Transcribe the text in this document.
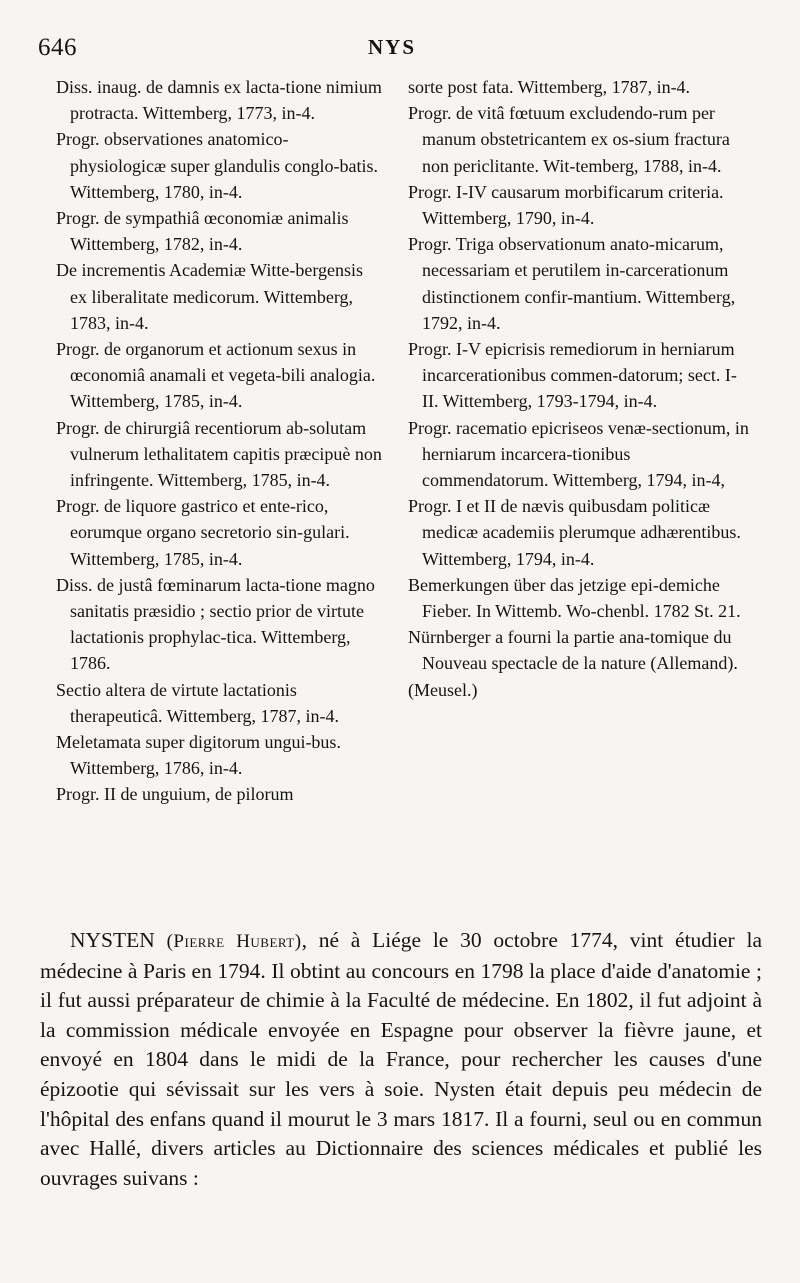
646	NYS

Diss. inaug. de damnis ex lacta-tione nimium protracta. Wittemberg, 1773, in-4.

Progr. observationes anatomico-physiologicæ super glandulis conglo-batis. Wittemberg, 1780, in-4.

Progr. de sympathiâ œconomiæ animalis Wittemberg, 1782, in-4.

De incrementis Academiæ Witte-bergensis ex liberalitate medicorum. Wittemberg, 1783, in-4.

Progr. de organorum et actionum sexus in œconomiâ anamali et vegeta-bili analogia. Wittemberg, 1785, in-4.

Progr. de chirurgiâ recentiorum ab-solutam vulnerum lethalitatem capitis præcipuè non infringente. Wittemberg, 1785, in-4.

Progr. de liquore gastrico et ente-rico, eorumque organo secretorio sin-gulari. Wittemberg, 1785, in-4.

Diss. de justâ fœminarum lacta-tione magno sanitatis præsidio ; sectio prior de virtute lactationis prophylac-tica. Wittemberg, 1786.

Sectio altera de virtute lactationis therapeuticâ. Wittemberg, 1787, in-4.

Meletamata super digitorum ungui-bus. Wittemberg, 1786, in-4.

Progr. II de unguium, de pilorum

sorte post fata. Wittemberg, 1787, in-4.

Progr. de vitâ fœtuum excludendo-rum per manum obstetricantem ex os-sium fractura non periclitante. Wit-temberg, 1788, in-4.

Progr. I-IV causarum morbificarum criteria. Wittemberg, 1790, in-4.

Progr. Triga observationum anato-micarum, necessariam et perutilem in-carcerationum distinctionem confir-mantium. Wittemberg, 1792, in-4.

Progr. I-V epicrisis remediorum in herniarum incarcerationibus commen-datorum; sect. I-II. Wittemberg, 1793-1794, in-4.

Progr. racematio epicriseos venæ-sectionum, in herniarum incarcera-tionibus commendatorum. Wittemberg, 1794, in-4,

Progr. I et II de nævis quibusdam politicæ medicæ academiis plerumque adhærentibus. Wittemberg, 1794, in-4.

Bemerkungen über das jetzige epi-demiche Fieber. In Wittemb. Wo-chenbl. 1782 St. 21.

Nürnberger a fourni la partie ana-tomique du Nouveau spectacle de la nature (Allemand).

(Meusel.)

NYSTEN (Pierre Hubert), né à Liége le 30 octobre 1774, vint étudier la médecine à Paris en 1794. Il obtint au concours en 1798 la place d'aide d'anatomie ; il fut aussi préparateur de chimie à la Faculté de médecine. En 1802, il fut adjoint à la commission médicale envoyée en Espagne pour observer la fièvre jaune, et envoyé en 1804 dans le midi de la France, pour rechercher les causes d'une épizootie qui sévissait sur les vers à soie. Nysten était depuis peu médecin de l'hôpital des enfans quand il mourut le 3 mars 1817. Il a fourni, seul ou en commun avec Hallé, divers articles au Dictionnaire des sciences médicales et publié les ouvrages suivans :
